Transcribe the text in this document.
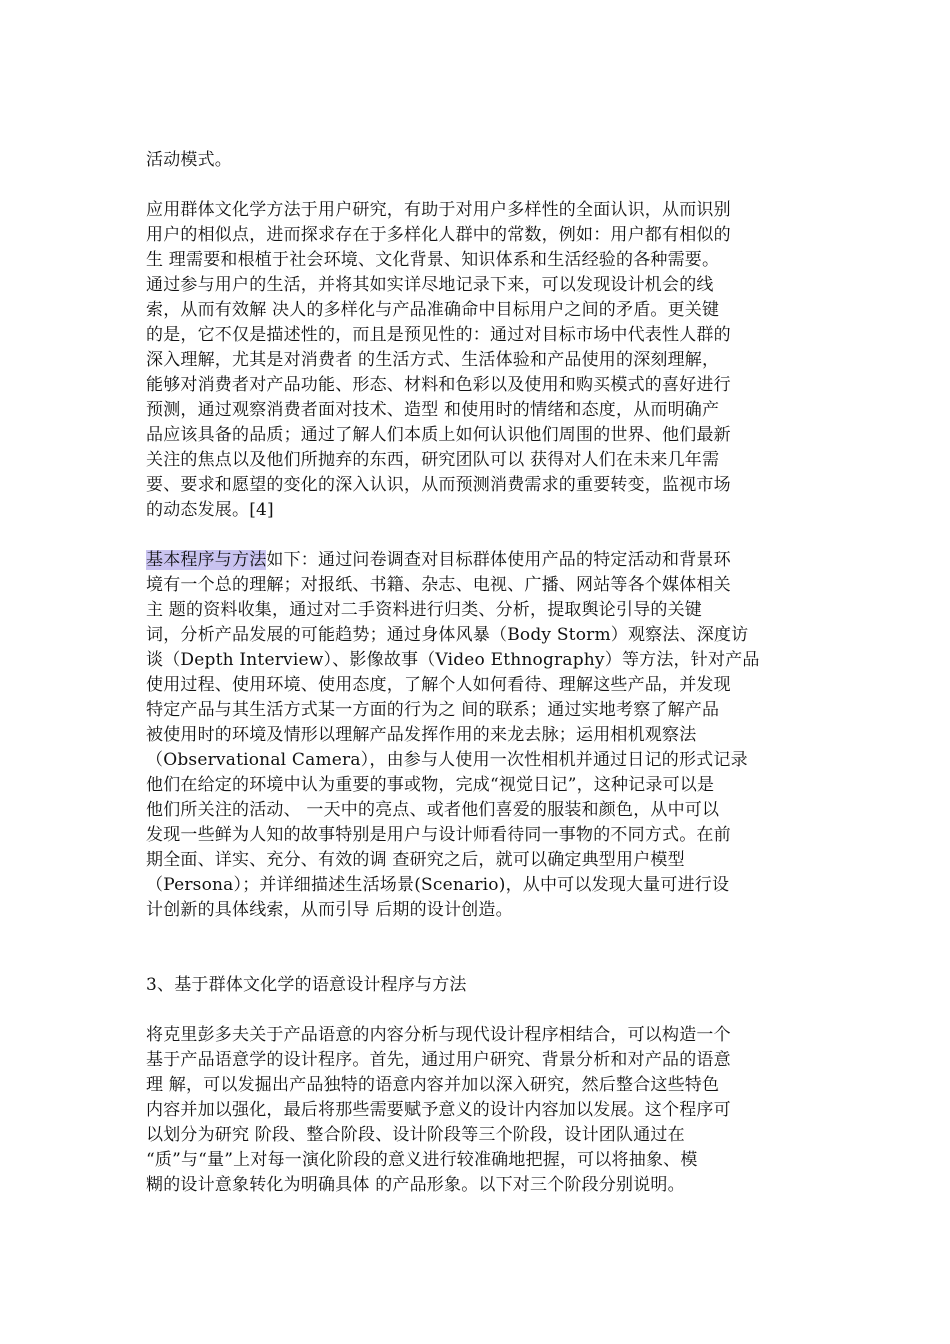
活动模式。
应用群体文化学方法于用户研究，有助于对用户多样性的全面认识，从而识别
用户的相似点，进而探求存在于多样化人群中的常数，例如：用户都有相似的
生 理需要和根植于社会环境、文化背景、知识体系和生活经验的各种需要。
通过参与用户的生活，并将其如实详尽地记录下来，可以发现设计机会的线
索，从而有效解 决人的多样化与产品准确命中目标用户之间的矛盾。更关键
的是，它不仅是描述性的，而且是预见性的：通过对目标市场中代表性人群的
深入理解，尤其是对消费者 的生活方式、生活体验和产品使用的深刻理解，
能够对消费者对产品功能、形态、材料和色彩以及使用和购买模式的喜好进行
预测，通过观察消费者面对技术、造型 和使用时的情绪和态度，从而明确产
品应该具备的品质；通过了解人们本质上如何认识他们周围的世界、他们最新
关注的焦点以及他们所抛弃的东西，研究团队可以 获得对人们在未来几年需
要、要求和愿望的变化的深入认识，从而预测消费需求的重要转变，监视市场
的动态发展。[4]
基本程序与方法如下：通过问卷调查对目标群体使用产品的特定活动和背景环
境有一个总的理解；对报纸、书籍、杂志、电视、广播、网站等各个媒体相关
主 题的资料收集，通过对二手资料进行归类、分析，提取舆论引导的关键
词，分析产品发展的可能趋势；通过身体风暴（Body Storm）观察法、深度访
谈（Depth Interview）、影像故事（Video Ethnography）等方法，针对产品
使用过程、使用环境、使用态度，了解个人如何看待、理解这些产品，并发现
特定产品与其生活方式某一方面的行为之 间的联系；通过实地考察了解产品
被使用时的环境及情形以理解产品发挥作用的来龙去脉；运用相机观察法
（Observational Camera），由参与人使用一次性相机并通过日记的形式记录
他们在给定的环境中认为重要的事或物，完成“视觉日记”，这种记录可以是
他们所关注的活动、 一天中的亮点、或者他们喜爱的服装和颜色，从中可以
发现一些鲜为人知的故事特别是用户与设计师看待同一事物的不同方式。在前
期全面、详实、充分、有效的调 查研究之后，就可以确定典型用户模型
（Persona）；并详细描述生活场景(Scenario)，从中可以发现大量可进行设
计创新的具体线索，从而引导 后期的设计创造。
3、基于群体文化学的语意设计程序与方法
将克里彭多夫关于产品语意的内容分析与现代设计程序相结合，可以构造一个
基于产品语意学的设计程序。首先，通过用户研究、背景分析和对产品的语意
理 解，可以发掘出产品独特的语意内容并加以深入研究，然后整合这些特色
内容并加以强化，最后将那些需要赋予意义的设计内容加以发展。这个程序可
以划分为研究 阶段、整合阶段、设计阶段等三个阶段，设计团队通过在
“质”与“量”上对每一演化阶段的意义进行较准确地把握，可以将抽象、模
糊的设计意象转化为明确具体 的产品形象。以下对三个阶段分别说明。
